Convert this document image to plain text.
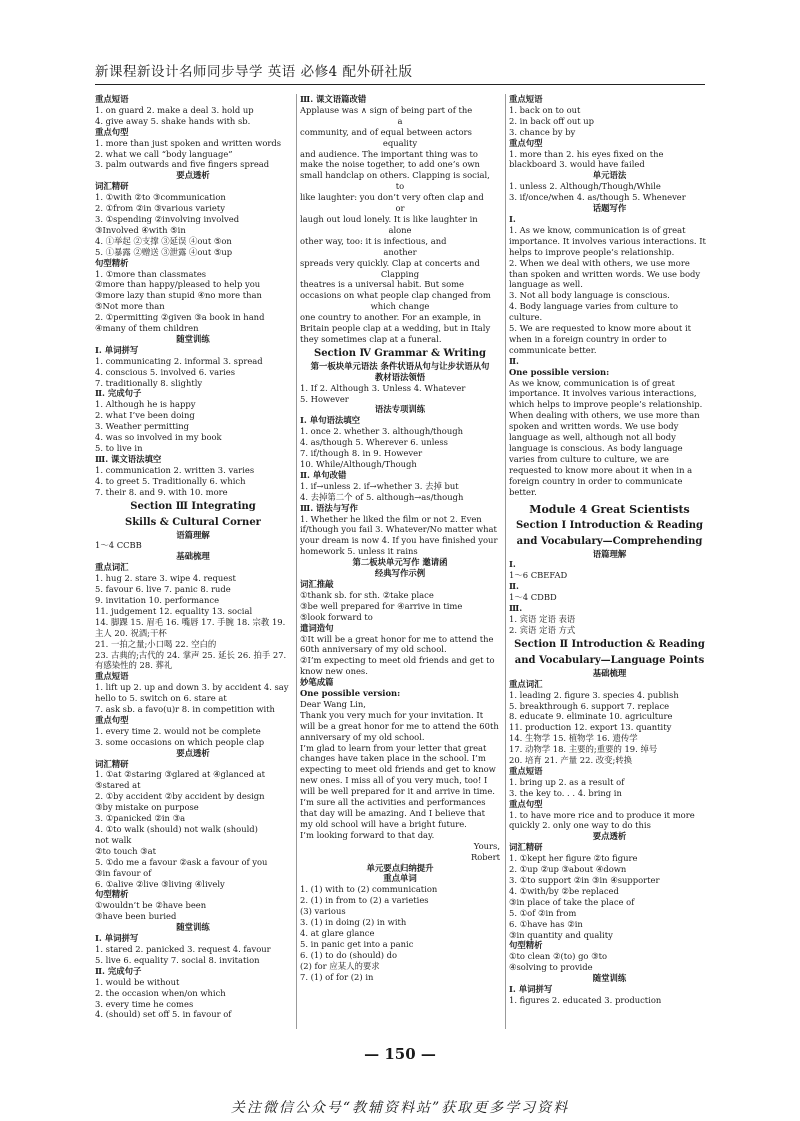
新课程新设计名师同步导学 英语 必修4 配外研社版
重点短语
1. on guard 2. make a deal 3. hold up
4. give away 5. shake hands with sb.
重点句型
1. more than just spoken and written words
2. what we call “body language”
3. palm outwards and five fingers spread
要点透析
词汇精研
1. ①with ②to ③communication
2. ①from ②in ③various variety
3. ①spending ②involving involved
③Involved ④with ⑤in
4. ①举起 ②支撑 ③延误 ④out ⑤on
5. ①暴露 ②赠送 ③泄露 ④out ⑤up
句型精析
1. ①more than classmates
②more than happy/pleased to help you
③more lazy than stupid ④no more than
⑤Not more than
2. ①permitting ②given ③a book in hand
④many of them children
随堂训练
Ⅰ. 单词拼写
1. communicating 2. informal 3. spread
4. conscious 5. involved 6. varies
7. traditionally 8. slightly
Ⅱ. 完成句子
1. Although he is happy
2. what I’ve been doing
3. Weather permitting
4. was so involved in my book
5. to live in
Ⅲ. 课文语法填空
1. communication 2. written 3. varies
4. to greet 5. Traditionally 6. which
7. their 8. and 9. with 10. more
Section Ⅲ Integrating
Skills & Cultural Corner
语篇理解
1～4 CCBB
基础梳理
重点词汇
1. hug 2. stare 3. wipe 4. request
5. favour 6. live 7. panic 8. rude
9. invitation 10. performance
11. judgement 12. equality 13. social
14. 脚踝 15. 眉毛 16. 嘴唇 17. 手腕 18. 宗教 19. 主人 20. 祝酒;干杯
21. 一拍之量;小口喝 22. 空白的
23. 古典的;古代的 24. 掌声 25. 延长 26. 拍手 27. 有感染性的 28. 葬礼
重点短语
1. lift up 2. up and down 3. by accident 4. say hello to 5. switch on 6. stare at
7. ask sb. a favo(u)r 8. in competition with
重点句型
1. every time 2. would not be complete
3. some occasions on which people clap
要点透析
词汇精研
1. ①at ②staring ③glared at ④glanced at
⑤stared at
2. ①by accident ②by accident by design
③by mistake on purpose
3. ①panicked ②in ③a
4. ①to walk (should) not walk (should)
not walk
②to touch ③at
5. ①do me a favour ②ask a favour of you
③in favour of
6. ①alive ②live ③living ④lively
句型精析
①wouldn’t be ②have been
③have been buried
随堂训练
Ⅰ. 单词拼写
1. stared 2. panicked 3. request 4. favour
5. live 6. equality 7. social 8. invitation
Ⅱ. 完成句子
1. would be without
2. the occasion when/on which
3. every time he comes
4. (should) set off 5. in favour of
Ⅲ. 课文语篇改错
Applause was ∧ sign of being part of the
a
community, and of equal between actors
equality
and audience. The important thing was to make the noise together, to add one’s own small handclap on others. Clapping is social,
to
like laughter: you don’t very often clap and
or
laugh out loud lonely. It is like laughter in
alone
other way, too: it is infectious, and
another
spreads very quickly. Clap at concerts and
Clapping
theatres is a universal habit. But some occasions on what people clap changed from
which change
one country to another. For an example, in Britain people clap at a wedding, but in Italy they sometimes clap at a funeral.
Section Ⅳ Grammar & Writing
第一板块单元语法 条件状语从句与让步状语从句
教材语法领悟
1. If 2. Although 3. Unless 4. Whatever
5. However
语法专项训练
Ⅰ. 单句语法填空
1. once 2. whether 3. although/though
4. as/though 5. Wherever 6. unless
7. if/though 8. in 9. However
10. While/Although/Though
Ⅱ. 单句改错
1. if→unless 2. if→whether 3. 去掉 but
4. 去掉第二个 of 5. although→as/though
Ⅲ. 语法与写作
1. Whether he liked the film or not 2. Even if/though you fail 3. Whatever/No matter what your dream is now 4. If you have finished your homework 5. unless it rains
第二板块单元写作 邀请函
经典写作示例
词汇推敲
①thank sb. for sth. ②take place
③be well prepared for ④arrive in time
⑤look forward to
遣词造句
①It will be a great honor for me to attend the 60th anniversary of my old school.
②I’m expecting to meet old friends and get to know new ones.
妙笔成篇
One possible version:
Dear Wang Lin,
Thank you very much for your invitation. It will be a great honor for me to attend the 60th anniversary of my old school.
I’m glad to learn from your letter that great changes have taken place in the school. I’m expecting to meet old friends and get to know new ones. I miss all of you very much, too! I will be well prepared for it and arrive in time. I’m sure all the activities and performances that day will be amazing. And I believe that my old school will have a bright future.
I’m looking forward to that day.
Yours,
Robert
单元要点归纳提升
重点单词
1. (1) with to (2) communication
2. (1) in from to (2) a varieties
(3) various
3. (1) in doing (2) in with
4. at glare glance
5. in panic get into a panic
6. (1) to do (should) do
(2) for 应某人的要求
7. (1) of for (2) in
重点短语
1. back on to out
2. in back off out up
3. chance by by
重点句型
1. more than 2. his eyes fixed on the blackboard 3. would have failed
单元语法
1. unless 2. Although/Though/While
3. if/once/when 4. as/though 5. Whenever
话题写作
Ⅰ.
1. As we know, communication is of great importance. It involves various interactions. It helps to improve people’s relationship.
2. When we deal with others, we use more than spoken and written words. We use body language as well.
3. Not all body language is conscious.
4. Body language varies from culture to culture.
5. We are requested to know more about it when in a foreign country in order to communicate better.
Ⅱ.
One possible version:
As we know, communication is of great importance. It involves various interactions, which helps to improve people’s relationship. When dealing with others, we use more than spoken and written words. We use body language as well, although not all body language is conscious. As body language varies from culture to culture, we are requested to know more about it when in a foreign country in order to communicate better.
Module 4 Great Scientists
Section Ⅰ Introduction & Reading
and Vocabulary—Comprehending
语篇理解
Ⅰ.
1～6 CBEFAD
Ⅱ.
1～4 CDBD
Ⅲ.
1. 宾语 定语 表语
2. 宾语 定语 方式
Section Ⅱ Introduction & Reading
and Vocabulary—Language Points
基础梳理
重点词汇
1. leading 2. figure 3. species 4. publish
5. breakthrough 6. support 7. replace
8. educate 9. eliminate 10. agriculture
11. production 12. export 13. quantity
14. 生物学 15. 植物学 16. 遗传学
17. 动物学 18. 主要的;重要的 19. 绰号
20. 培育 21. 产量 22. 改变;转换
重点短语
1. bring up 2. as a result of
3. the key to. . . 4. bring in
重点句型
1. to have more rice and to produce it more quickly 2. only one way to do this
要点透析
词汇精研
1. ①kept her figure ②to figure
2. ①up ②up ③about ④down
3. ①to support ②in ③in ④supporter
4. ①with/by ②be replaced
③in place of take the place of
5. ①of ②in from
6. ①have has ②in
③in quantity and quality
句型精析
①to clean ②(to) go ③to
④solving to provide
随堂训练
Ⅰ. 单词拼写
1. figures 2. educated 3. production
— 150 —
关注微信公众号“教辅资料站”获取更多学习资料
